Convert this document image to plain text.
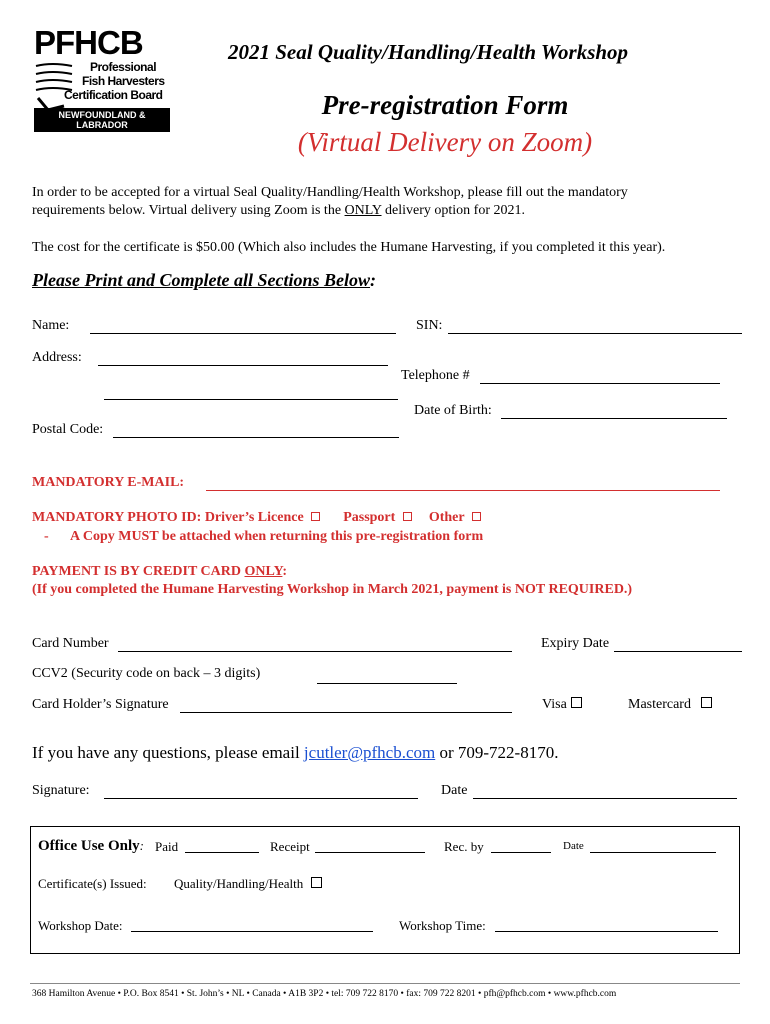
PFHCB
Professional
Fish Harvesters
Certification Board
NEWFOUNDLAND & LABRADOR
2021 Seal Quality/Handling/Health Workshop
Pre-registration Form
(Virtual Delivery on Zoom)
In order to be accepted for a virtual Seal Quality/Handling/Health Workshop, please fill out the mandatory
requirements below. Virtual delivery using Zoom is the ONLY delivery option for 2021.
The cost for the certificate is $50.00 (Which also includes the Humane Harvesting, if you completed it this year).
Please Print and Complete all Sections Below:
Name:	SIN:
Address:
Telephone #
Date of Birth:
Postal Code:
MANDATORY E-MAIL:
MANDATORY PHOTO ID: Driver’s Licence	Passport Other
- A Copy MUST be attached when returning this pre-registration form
PAYMENT IS BY CREDIT CARD ONLY:
(If you completed the Humane Harvesting Workshop in March 2021, payment is NOT REQUIRED.)
Card Number	Expiry Date
CCV2 (Security code on back – 3 digits)
Card Holder’s Signature	Visa	Mastercard
If you have any questions, please email jcutler@pfhcb.com or 709-722-8170.
Signature:	Date
Office Use Only: Paid	Receipt	Rec. by	Date
Certificate(s) Issued: Quality/Handling/Health
Workshop Date:	Workshop Time:
368 Hamilton Avenue • P.O. Box 8541 • St. John’s • NL • Canada • A1B 3P2 • tel: 709 722 8170 • fax: 709 722 8201 • pfh@pfhcb.com • www.pfhcb.com
